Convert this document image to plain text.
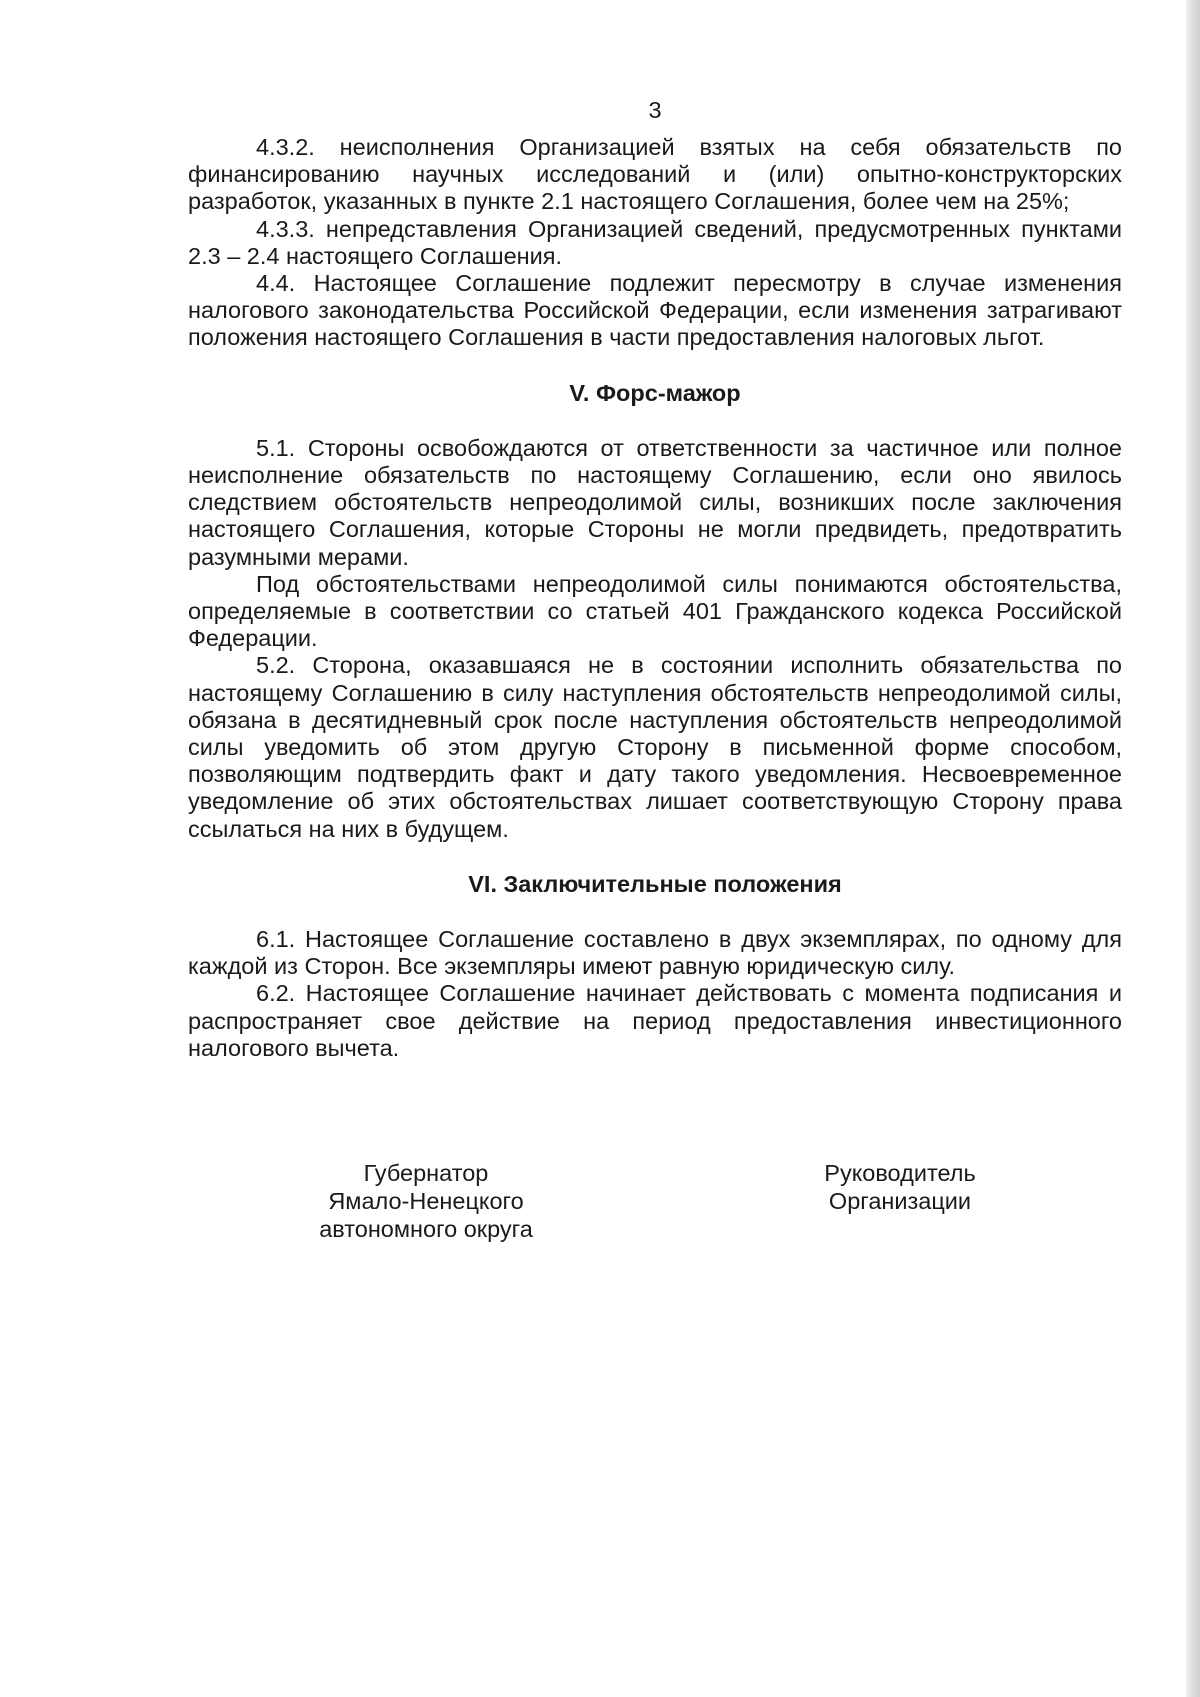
3

4.3.2. неисполнения Организацией взятых на себя обязательств по финансированию научных исследований и (или) опытно-конструкторских разработок, указанных в пункте 2.1 настоящего Соглашения, более чем на 25%;

4.3.3. непредставления Организацией сведений, предусмотренных пунктами 2.3 – 2.4 настоящего Соглашения.

4.4. Настоящее Соглашение подлежит пересмотру в случае изменения налогового законодательства Российской Федерации, если изменения затрагивают положения настоящего Соглашения в части предоставления налоговых льгот.

V. Форс-мажор

5.1. Стороны освобождаются от ответственности за частичное или полное неисполнение обязательств по настоящему Соглашению, если оно явилось следствием обстоятельств непреодолимой силы, возникших после заключения настоящего Соглашения, которые Стороны не могли предвидеть, предотвратить разумными мерами.

Под обстоятельствами непреодолимой силы понимаются обстоятельства, определяемые в соответствии со статьей 401 Гражданского кодекса Российской Федерации.

5.2. Сторона, оказавшаяся не в состоянии исполнить обязательства по настоящему Соглашению в силу наступления обстоятельств непреодолимой силы, обязана в десятидневный срок после наступления обстоятельств непреодолимой силы уведомить об этом другую Сторону в письменной форме способом, позволяющим подтвердить факт и дату такого уведомления. Несвоевременное уведомление об этих обстоятельствах лишает соответствующую Сторону права ссылаться на них в будущем.

VI. Заключительные положения

6.1. Настоящее Соглашение составлено в двух экземплярах, по одному для каждой из Сторон. Все экземпляры имеют равную юридическую силу.

6.2. Настоящее Соглашение начинает действовать с момента подписания и распространяет свое действие на период предоставления инвестиционного налогового вычета.

Губернатор
Ямало-Ненецкого
автономного округа
Руководитель
Организации
